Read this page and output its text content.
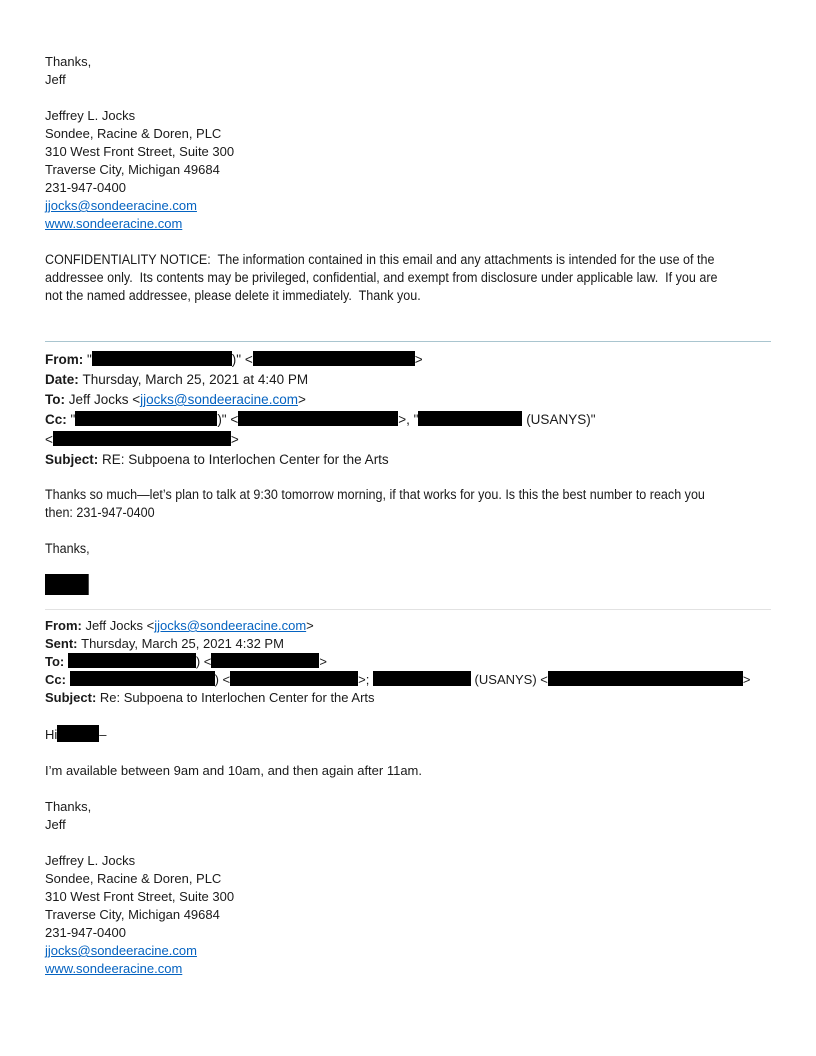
Thanks,
Jeff
Jeffrey L. Jocks
Sondee, Racine & Doren, PLC
310 West Front Street, Suite 300
Traverse City, Michigan 49684
231-947-0400
jjocks@sondeeracine.com
www.sondeeracine.com
CONFIDENTIALITY NOTICE:  The information contained in this email and any attachments is intended for the use of the
addressee only.  Its contents may be privileged, confidential, and exempt from disclosure under applicable law.  If you are
not the named addressee, please delete it immediately.  Thank you.
From: "	)" <	>
Date: Thursday, March 25, 2021 at 4:40 PM
To: Jeff Jocks <jjocks@sondeeracine.com>
Cc: "	)" <	>, "	(USANYS)"
<	>
Subject: RE: Subpoena to Interlochen Center for the Arts
Thanks so much—let’s plan to talk at 9:30 tomorrow morning, if that works for you. Is this the best number to reach you
then: 231-947-0400
Thanks,
From: Jeff Jocks <jjocks@sondeeracine.com>
Sent: Thursday, March 25, 2021 4:32 PM
To:	) <	>
Cc:	) <	>;	(USANYS) <	>
Subject: Re: Subpoena to Interlochen Center for the Arts
Hi	–
I’m available between 9am and 10am, and then again after 11am.
Thanks,
Jeff
Jeffrey L. Jocks
Sondee, Racine & Doren, PLC
310 West Front Street, Suite 300
Traverse City, Michigan 49684
231-947-0400
jjocks@sondeeracine.com
www.sondeeracine.com
